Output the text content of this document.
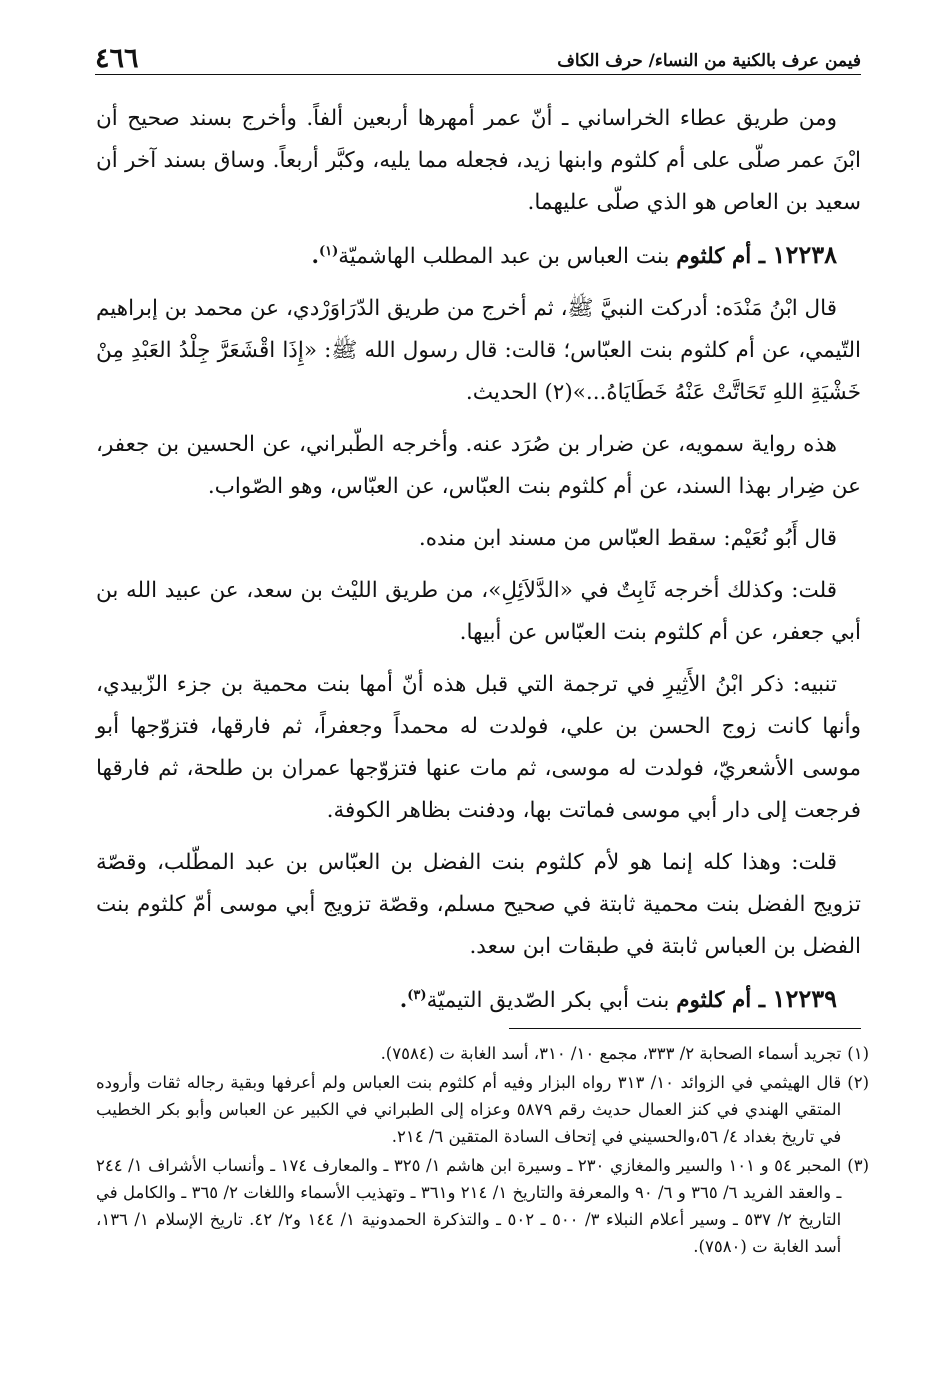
فيمن عرف بالكنية من النساء/ حرف الكاف
٤٦٦

ومن طريق عطاء الخراساني ـ أنّ عمر أمهرها أربعين ألفاً. وأخرج بسند صحيح أن ابْنَ عمر صلّى على أم كلثوم وابنها زيد، فجعله مما يليه، وكبَّر أربعاً. وساق بسند آخر أن سعيد بن العاص هو الذي صلّى عليهما.

١٢٢٣٨ ـ أم كلثوم بنت العباس بن عبد المطلب الهاشميّة$^{(١)}$.

قال ابْنُ مَنْدَه: أدركت النبيَّ ﷺ، ثم أخرج من طريق الدّرَاوَرْدي، عن محمد بن إبراهيم التّيمي، عن أم كلثوم بنت العبّاس؛ قالت: قال رسول الله ﷺ: «إِذَا اقْشَعَرَّ جِلْدُ العَبْدِ مِنْ خَشْيَةِ اللهِ تَحَاتَّتْ عَنْهُ خَطَايَاهُ...»(٢) الحديث.

هذه رواية سمويه، عن ضرار بن صُرَد عنه. وأخرجه الطّبراني، عن الحسين بن جعفر، عن ضِرار بهذا السند، عن أم كلثوم بنت العبّاس، عن العبّاس، وهو الصّواب.

قال أَبُو نُعَيْم: سقط العبّاس من مسند ابن منده.

قلت: وكذلك أخرجه ثَابِتٌ في «الدَّلاَئِلِ»، من طريق الليْث بن سعد، عن عبيد الله بن أبي جعفر، عن أم كلثوم بنت العبّاس عن أبيها.

تنبيه: ذكر ابْنُ الأَثِيرِ في ترجمة التي قبل هذه أنّ أمها بنت محمية بن جزء الزّبيدي، وأنها كانت زوج الحسن بن علي، فولدت له محمداً وجعفراً، ثم فارقها، فتزوّجها أبو موسى الأشعريّ، فولدت له موسى، ثم مات عنها فتزوّجها عمران بن طلحة، ثم فارقها فرجعت إلى دار أبي موسى فماتت بها، ودفنت بظاهر الكوفة.

قلت: وهذا كله إنما هو لأم كلثوم بنت الفضل بن العبّاس بن عبد المطّلب، وقصّة تزويج الفضل بنت محمية ثابتة في صحيح مسلم، وقصّة تزويج أبي موسى أمّ كلثوم بنت الفضل بن العباس ثابتة في طبقات ابن سعد.

١٢٢٣٩ ـ أم كلثوم بنت أبي بكر الصّديق التيميّة$^{(٣)}$.

(١)
تجريد أسماء الصحابة ٢/ ٣٣٣، مجمع ١٠/ ٣١٠، أسد الغابة ت (٧٥٨٤).
(٢)
قال الهيثمي في الزوائد ١٠/ ٣١٣ رواه البزار وفيه أم كلثوم بنت العباس ولم أعرفها وبقية رجاله ثقات وأروده المتقي الهندي في كنز العمال حديث رقم ٥٨٧٩ وعزاه إلى الطبراني في الكبير عن العباس وأبو بكر الخطيب في تاريخ بغداد ٤/ ٥٦،والحسيني في إتحاف السادة المتقين ٦/ ٢١٤.
(٣)
المحبر ٥٤ و ١٠١ والسير والمغازي ٢٣٠ ـ وسيرة ابن هاشم ١/ ٣٢٥ ـ والمعارف ١٧٤ ـ وأنساب الأشراف ١/ ٢٤٤ ـ والعقد الفريد ٦/ ٣٦٥ و ٦/ ٩٠ والمعرفة والتاريخ ١/ ٢١٤ و٣٦١ ـ وتهذيب الأسماء واللغات ٢/ ٣٦٥ ـ والكامل في التاريخ ٢/ ٥٣٧ ـ وسير أعلام النبلاء ٣/ ٥٠٠ ـ ٥٠٢ ـ والتذكرة الحمدونية ١/ ١٤٤ و٢/ ٤٢. تاريخ الإسلام ١/ ١٣٦، أسد الغابة ت (٧٥٨٠).
